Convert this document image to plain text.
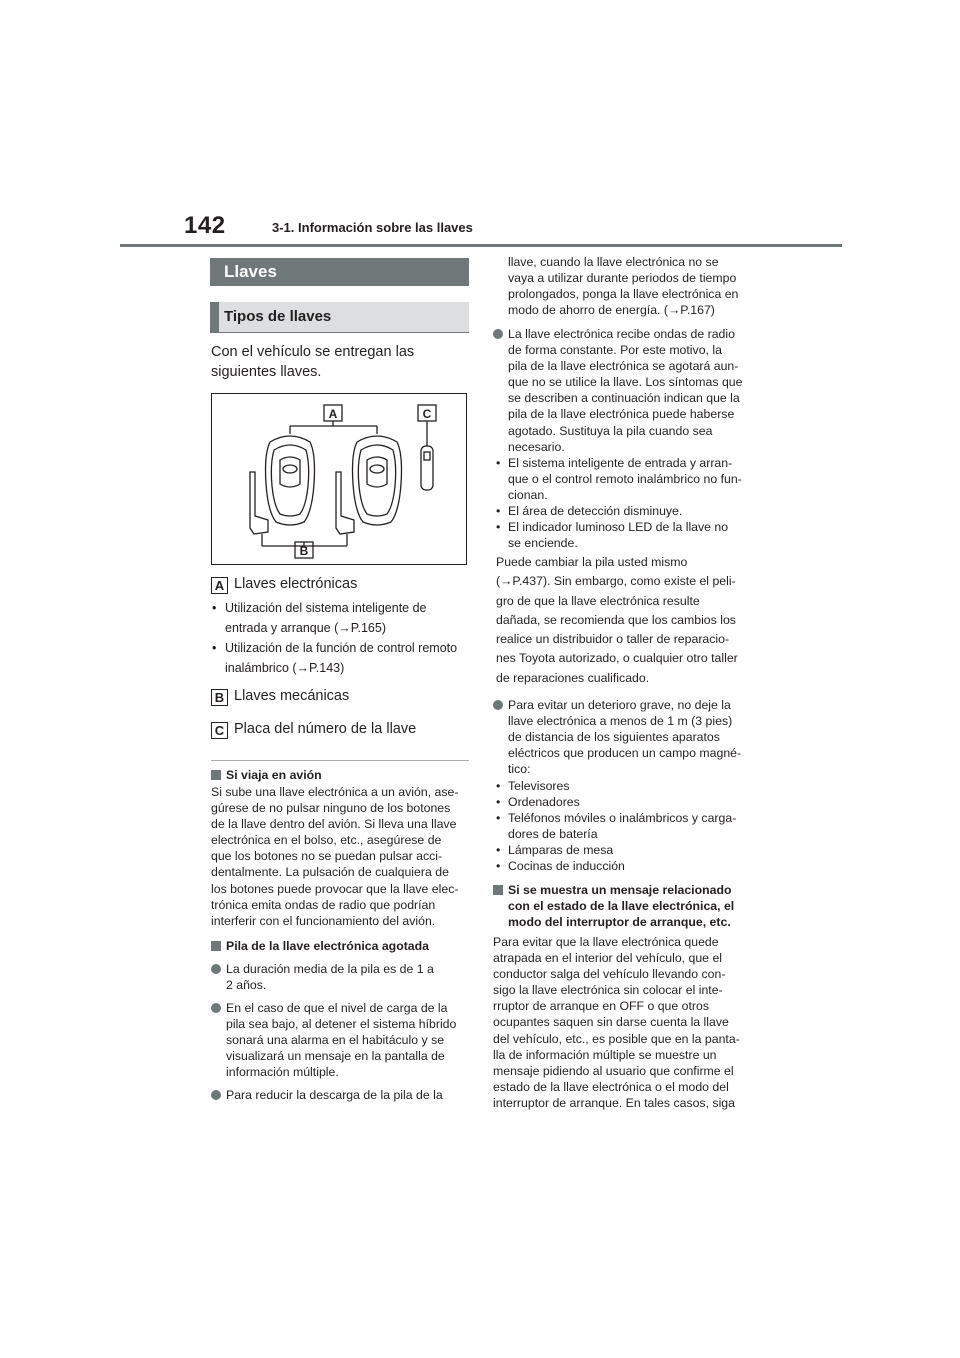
142	3-1. Información sobre las llaves
Llaves
Tipos de llaves
Con el vehículo se entregan las
siguientes llaves.
A	C
B
A Llaves electrónicas
• Utilización del sistema inteligente de
entrada y arranque (→P.165)
• Utilización de la función de control remoto
inalámbrico (→P.143)
B Llaves mecánicas
C Placa del número de la llave
Si viaja en avión
Si sube una llave electrónica a un avión, ase-
gúrese de no pulsar ninguno de los botones
de la llave dentro del avión. Si lleva una llave
electrónica en el bolso, etc., asegúrese de
que los botones no se puedan pulsar acci-
dentalmente. La pulsación de cualquiera de
los botones puede provocar que la llave elec-
trónica emita ondas de radio que podrían
interferir con el funcionamiento del avión.
Pila de la llave electrónica agotada
La duración media de la pila es de 1 a
2 años.
En el caso de que el nivel de carga de la
pila sea bajo, al detener el sistema híbrido
sonará una alarma en el habitáculo y se
visualizará un mensaje en la pantalla de
información múltiple.
Para reducir la descarga de la pila de la
llave, cuando la llave electrónica no se
vaya a utilizar durante periodos de tiempo
prolongados, ponga la llave electrónica en
modo de ahorro de energía. (→P.167)
La llave electrónica recibe ondas de radio
de forma constante. Por este motivo, la
pila de la llave electrónica se agotará aun-
que no se utilice la llave. Los síntomas que
se describen a continuación indican que la
pila de la llave electrónica puede haberse
agotado. Sustituya la pila cuando sea
necesario.
• El sistema inteligente de entrada y arran-
que o el control remoto inalámbrico no fun-
cionan.
• El área de detección disminuye.
• El indicador luminoso LED de la llave no
se enciende.
Puede cambiar la pila usted mismo
(→P.437). Sin embargo, como existe el peli-
gro de que la llave electrónica resulte
dañada, se recomienda que los cambios los
realice un distribuidor o taller de reparacio-
nes Toyota autorizado, o cualquier otro taller
de reparaciones cualificado.
Para evitar un deterioro grave, no deje la
llave electrónica a menos de 1 m (3 pies)
de distancia de los siguientes aparatos
eléctricos que producen un campo magné-
tico:
• Televisores
• Ordenadores
• Teléfonos móviles o inalámbricos y carga-
dores de batería
• Lámparas de mesa
• Cocinas de inducción
Si se muestra un mensaje relacionado
con el estado de la llave electrónica, el
modo del interruptor de arranque, etc.
Para evitar que la llave electrónica quede
atrapada en el interior del vehículo, que el
conductor salga del vehículo llevando con-
sigo la llave electrónica sin colocar el inte-
rruptor de arranque en OFF o que otros
ocupantes saquen sin darse cuenta la llave
del vehículo, etc., es posible que en la panta-
lla de información múltiple se muestre un
mensaje pidiendo al usuario que confirme el
estado de la llave electrónica o el modo del
interruptor de arranque. En tales casos, siga
